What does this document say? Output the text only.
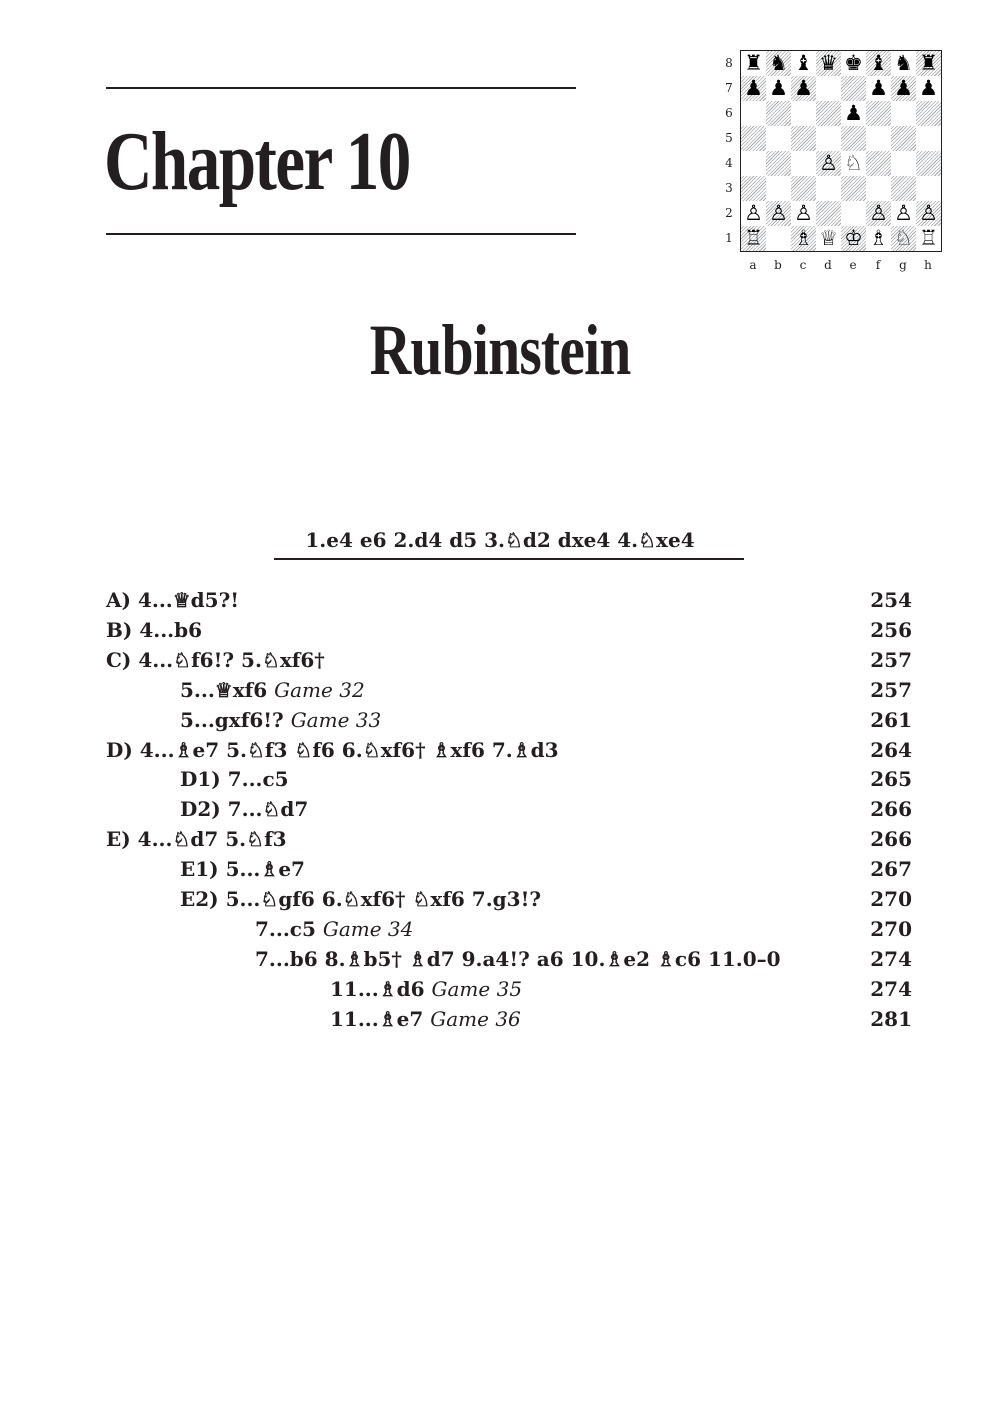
Chapter 10
♜ ♞ ♝ ♛ ♚ ♝ ♞ ♜
♟ ♟ ♟	♟ ♟ ♟
♟
♙ ♘
♙ ♙ ♙	♙ ♙ ♙
♖ ♗ ♕ ♔ ♗ ♘ ♖
8
7
6
5
4
3
2
1
a b	c	d e	f	g h
Rubinstein
1.e4 e6 2.d4 d5 3.♘d2 dxe4 4.♘xe4
A) 4...♕d5?!	254
B) 4...b6	256
C) 4...♘f6!? 5.♘xf6†	257
5...♕xf6 Game 32	257
5...gxf6!? Game 33	261
D) 4...♗e7 5.♘f3 ♘f6 6.♘xf6† ♗xf6 7.♗d3	264
D1) 7...c5	265
D2) 7...♘d7	266
E) 4...♘d7 5.♘f3	266
E1) 5...♗e7	267
E2) 5...♘gf6 6.♘xf6† ♘xf6 7.g3!?	270
7...c5 Game 34	270
7...b6 8.♗b5† ♗d7 9.a4!? a6 10.♗e2 ♗c6 11.0–0	274
11...♗d6 Game 35	274
11...♗e7 Game 36	281
